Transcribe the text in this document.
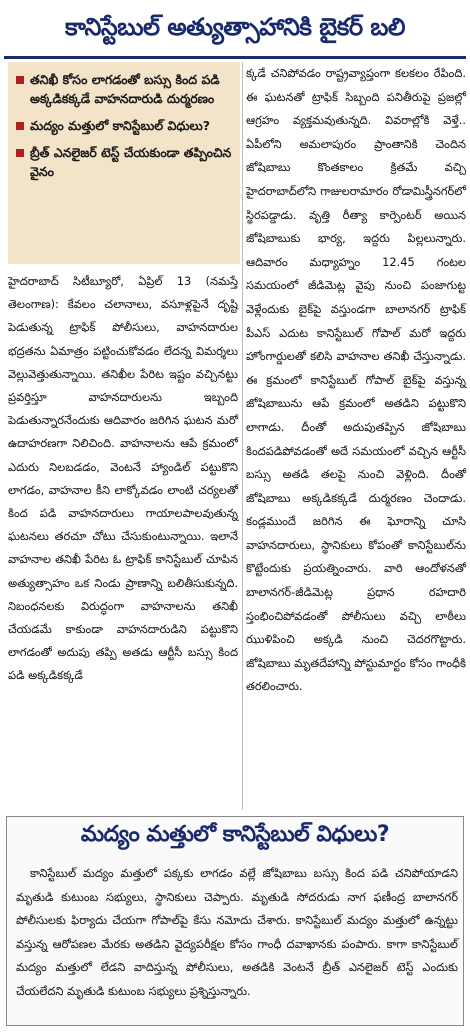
కానిస్టేబుల్ అత్యుత్సాహానికి బైకర్ బలి
తనిఖీ కోసం లాగడంతో బస్సు కింద పడి అక్కడికక్కడే వాహనదారుడి దుర్మరణం
మద్యం మత్తులో కానిస్టేబుల్ విధులు?
బ్రీత్ ఎనలైజర్ టెస్ట్ చేయకుండా తప్పించిన వైనం

హైదరాబాద్ సిటీబ్యూరో, ఏప్రిల్ 13 (నమస్తే తెలంగాణ): కేవలం చలానాలు, వసూళ్లపైనే దృష్టి పెడుతున్న ట్రాఫిక్ పోలీసులు, వాహనదారుల భద్రతను ఏమాత్రం పట్టించుకోవడం లేదన్న విమర్శలు వెల్లువెత్తుతున్నాయి. తనిఖీల పేరిట ఇష్టం వచ్చినట్టు ప్రవర్తిస్తూ వాహనదారులను ఇబ్బంది పెడుతున్నారనేందుకు ఆదివారం జరిగిన ఘటన మరో ఉదాహరణగా నిలిచింది. వాహనాలను ఆపే క్రమంలో ఎదురు నిలబడడం, వెంటనే హ్యాండిల్ పట్టుకొని లాగడం, వాహనాల కీని లాక్కోవడం లాంటి చర్యలతో కింద పడి వాహనదారులు గాయాలపాలవుతున్న ఘటనలు తరచూ చోటు చేసుకుంటున్నాయి. ఇలానే వాహనాల తనిఖీ పేరిట ఓ ట్రాఫిక్ కానిస్టేబుల్ చూపిన అత్యుత్సాహం ఒక నిండు ప్రాణాన్ని బలితీసుకున్నది. నిబంధనలకు విరుద్ధంగా వాహనాలను తనిఖీ చేయడమే కాకుండా వాహనదారుడిని పట్టుకొని లాగడంతో అదుపు తప్పి అతడు ఆర్టీసీ బస్సు కింద పడి అక్కడికక్కడే

క్కడే చనిపోవడం రాష్ట్రవ్యాప్తంగా కలకలం రేపింది. ఈ ఘటనతో ట్రాఫిక్ సిబ్బంది పనితీరుపై ప్రజల్లో ఆగ్రహం వ్యక్తమవుతున్నది. వివరాల్లోకి వెళ్తే.. ఏపీలోని అమలాపురం ప్రాంతానికి చెందిన జోషిబాబు కొంతకాలం క్రితమే వచ్చి హైదరాబాద్‌లోని గాజులరామారం రోడామిస్త్రీనగర్‌లో స్థిరపడ్డాడు. వృత్తి రీత్యా కార్పెంటర్ అయిన జోషిబాబుకు భార్య, ఇద్దరు పిల్లలున్నారు. ఆదివారం మధ్యాహ్నం 12.45 గంటల సమయంలో జీడిమెట్ల వైపు నుంచి పంజాగుట్ట వెళ్లేందుకు బైక్‌పై వస్తుండగా బాలానగర్ ట్రాఫిక్ పీఎస్ ఎదుట కానిస్టేబుల్ గోపాల్ మరో ఇద్దరు హోంగార్డులతో కలిసి వాహనాల తనిఖీ చేస్తున్నాడు. ఈ క్రమంలో కానిస్టేబుల్ గోపాల్ బైక్‌పై వస్తున్న జోషిబాబును ఆపే క్రమంలో అతడిని పట్టుకొని లాగాడు. దీంతో అదుపుతప్పిన జోషిబాబు కిందపడిపోవడంతో అదే సమయంలో వచ్చిన ఆర్టీసీ బస్సు అతడి తలపై నుంచి వెళ్లింది. దీంతో జోషిబాబు అక్కడికక్కడే దుర్మరణం చెందాడు. కండ్లముందే జరిగిన ఈ ఘోరాన్ని చూసి వాహనదారులు, స్థానికులు కోపంతో కానిస్టేబుల్‌ను కొట్టేందుకు ప్రయత్నించారు. వారి ఆందోళనతో బాలానగర్-జీడిమెట్ల ప్రధాన రహదారి స్తంభించిపోవడంతో పోలీసులు వచ్చి లాఠీలు ఝుళిపించి అక్కడి నుంచి చెదరగొట్టారు. జోషిబాబు మృతదేహాన్ని పోస్టుమార్టం కోసం గాంధీకి తరలించారు.

మద్యం మత్తులో కానిస్టేబుల్ విధులు?

కానిస్టేబుల్ మద్యం మత్తులో పక్కకు లాగడం వల్లే జోషిబాబు బస్సు కింద పడి చనిపోయాడని మృతుడి కుటుంబ సభ్యులు, స్థానికులు చెప్పారు. మృతుడి సోదరుడు నాగ ఫణీంద్ర బాలానగర్ పోలీసులకు ఫిర్యాదు చేయగా గోపాల్‌పై కేసు నమోదు చేశారు. కానిస్టేబుల్ మద్యం మత్తులో ఉన్నట్టు వస్తున్న ఆరోపణల మేరకు అతడిని వైద్యపరీక్షల కోసం గాంధీ దవాఖానకు పంపారు. కాగా కానిస్టేబుల్ మద్యం మత్తులో లేడని వాదిస్తున్న పోలీసులు, అతడికి వెంటనే బ్రీత్ ఎనలైజర్ టెస్ట్ ఎందుకు చేయలేదని మృతుడి కుటుంబ సభ్యులు ప్రశ్నిస్తున్నారు.
